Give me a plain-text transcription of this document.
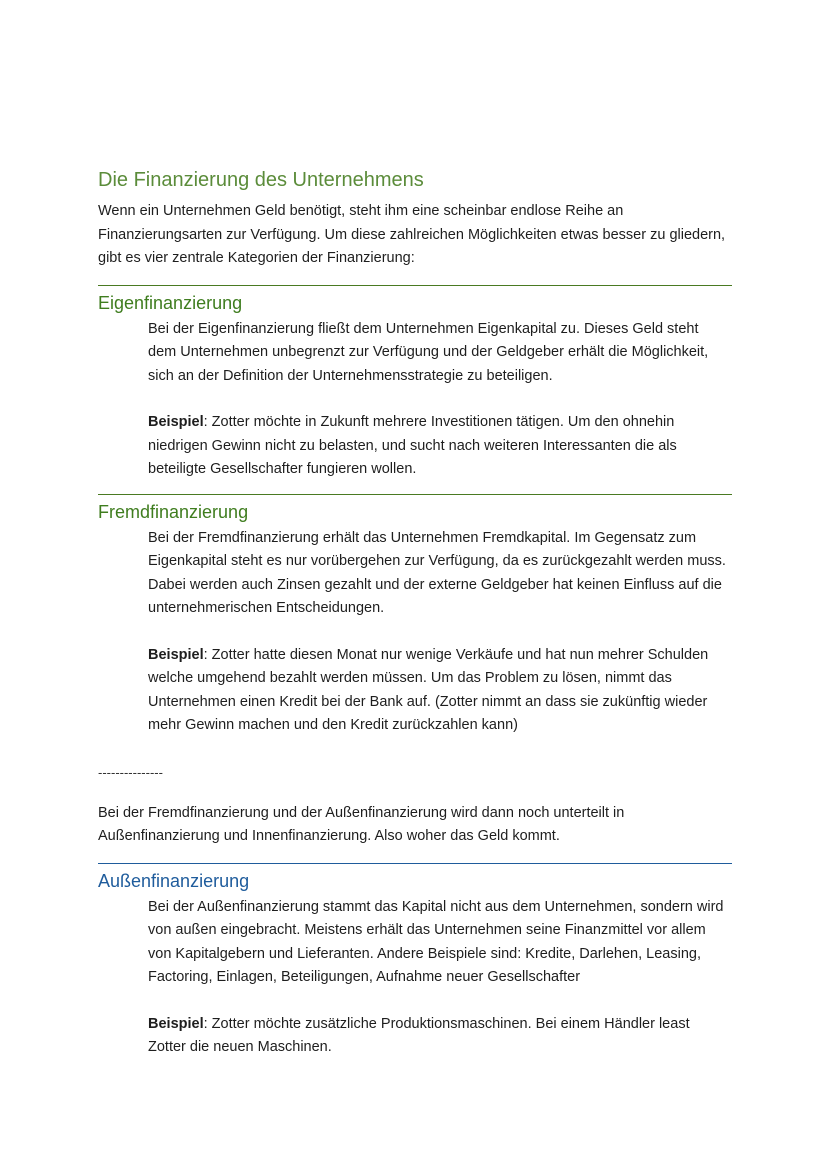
Die Finanzierung des Unternehmens

Wenn ein Unternehmen Geld benötigt, steht ihm eine scheinbar endlose Reihe an Finanzierungsarten zur Verfügung. Um diese zahlreichen Möglichkeiten etwas besser zu gliedern, gibt es vier zentrale Kategorien der Finanzierung:

Eigenfinanzierung

Bei der Eigenfinanzierung fließt dem Unternehmen Eigenkapital zu. Dieses Geld steht dem Unternehmen unbegrenzt zur Verfügung und der Geldgeber erhält die Möglichkeit, sich an der Definition der Unternehmensstrategie zu beteiligen.

Beispiel: Zotter möchte in Zukunft mehrere Investitionen tätigen. Um den ohnehin niedrigen Gewinn nicht zu belasten, und sucht nach weiteren Interessanten die als beteiligte Gesellschafter fungieren wollen.

Fremdfinanzierung

Bei der Fremdfinanzierung erhält das Unternehmen Fremdkapital. Im Gegensatz zum Eigenkapital steht es nur vorübergehen zur Verfügung, da es zurückgezahlt werden muss. Dabei werden auch Zinsen gezahlt und der externe Geldgeber hat keinen Einfluss auf die unternehmerischen Entscheidungen.

Beispiel: Zotter hatte diesen Monat nur wenige Verkäufe und hat nun mehrer Schulden welche umgehend bezahlt werden müssen. Um das Problem zu lösen, nimmt das Unternehmen einen Kredit bei der Bank auf. (Zotter nimmt an dass sie zukünftig wieder mehr Gewinn machen und den Kredit zurückzahlen kann)

---------------

Bei der Fremdfinanzierung und der Außenfinanzierung wird dann noch unterteilt in Außenfinanzierung und Innenfinanzierung. Also woher das Geld kommt.

Außenfinanzierung

Bei der Außenfinanzierung stammt das Kapital nicht aus dem Unternehmen, sondern wird von außen eingebracht. Meistens erhält das Unternehmen seine Finanzmittel vor allem von Kapitalgebern und Lieferanten. Andere Beispiele sind: Kredite, Darlehen, Leasing, Factoring, Einlagen, Beteiligungen, Aufnahme neuer Gesellschafter

Beispiel: Zotter möchte zusätzliche Produktionsmaschinen. Bei einem Händler least Zotter die neuen Maschinen.
